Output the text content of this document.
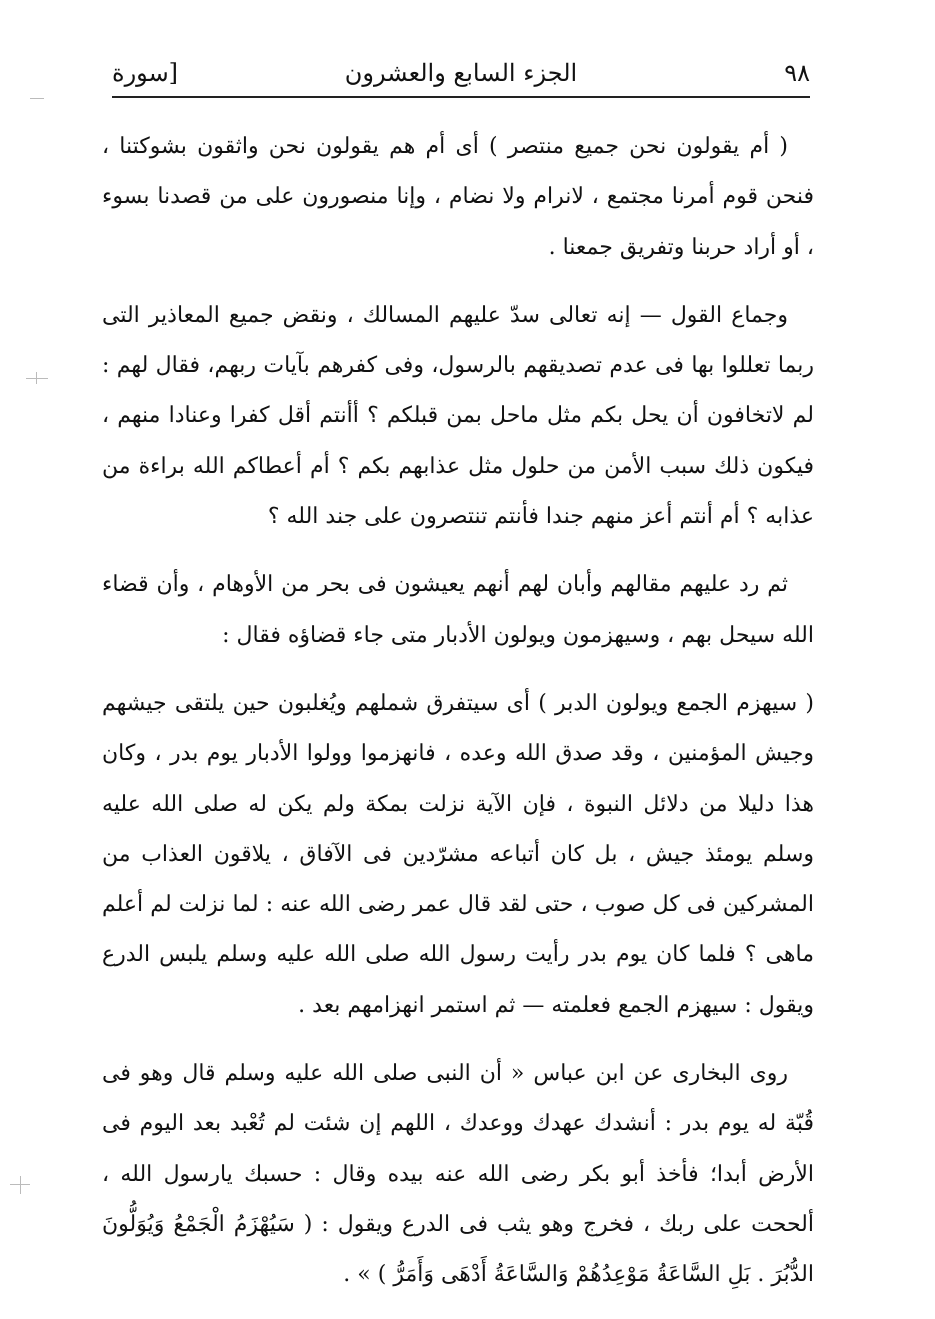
٩٨
الجزء السابع والعشرون
[سورة

( أم يقولون نحن جميع منتصر ) أى أم هم يقولون نحن واثقون بشوكتنا ، فنحن قوم أمرنا مجتمع ، لانرام ولا نضام ، وإنا منصورون على من قصدنا بسوء ، أو أراد حربنا وتفريق جمعنا .

وجماع القول — إنه تعالى سدّ عليهم المسالك ، ونقض جميع المعاذير التى ربما تعللوا بها فى عدم تصديقهم بالرسول، وفى كفرهم بآيات ربهم، فقال لهم : لم لاتخافون أن يحل بكم مثل ماحل بمن قبلكم ؟ أأنتم أقل كفرا وعنادا منهم ، فيكون ذلك سبب الأمن من حلول مثل عذابهم بكم ؟ أم أعطاكم الله براءة من عذابه ؟ أم أنتم أعز منهم جندا فأنتم تنتصرون على جند الله ؟

ثم رد عليهم مقالهم وأبان لهم أنهم يعيشون فى بحر من الأوهام ، وأن قضاء الله سيحل بهم ، وسيهزمون ويولون الأدبار متى جاء قضاؤه فقال :

( سيهزم الجمع ويولون الدبر ) أى سيتفرق شملهم ويُغلبون حين يلتقى جيشهم وجيش المؤمنين ، وقد صدق الله وعده ، فانهزموا وولوا الأدبار يوم بدر ، وكان هذا دليلا من دلائل النبوة ، فإن الآية نزلت بمكة ولم يكن له صلى الله عليه وسلم يومئذ جيش ، بل كان أتباعه مشرّدين فى الآفاق ، يلاقون العذاب من المشركين فى كل صوب ، حتى لقد قال عمر رضى الله عنه : لما نزلت لم أعلم ماهى ؟ فلما كان يوم بدر رأيت رسول الله صلى الله عليه وسلم يلبس الدرع ويقول : سيهزم الجمع فعلمته — ثم استمر انهزامهم بعد .

روى البخارى عن ابن عباس « أن النبى صلى الله عليه وسلم قال وهو فى قُبّة له يوم بدر : أنشدك عهدك ووعدك ، اللهم إن شئت لم تُعْبد بعد اليوم فى الأرض أبدا؛ فأخذ أبو بكر رضى الله عنه بيده وقال : حسبك يارسول الله ، ألححت على ربك ، فخرج وهو يثب فى الدرع ويقول : ( سَيُهْزَمُ الْجَمْعُ وَيُوَلُّونَ الدُّبُرَ . بَلِ السَّاعَةُ مَوْعِدُهُمْ وَالسَّاعَةُ أَدْهَى وَأَمَرُّ ) » .
